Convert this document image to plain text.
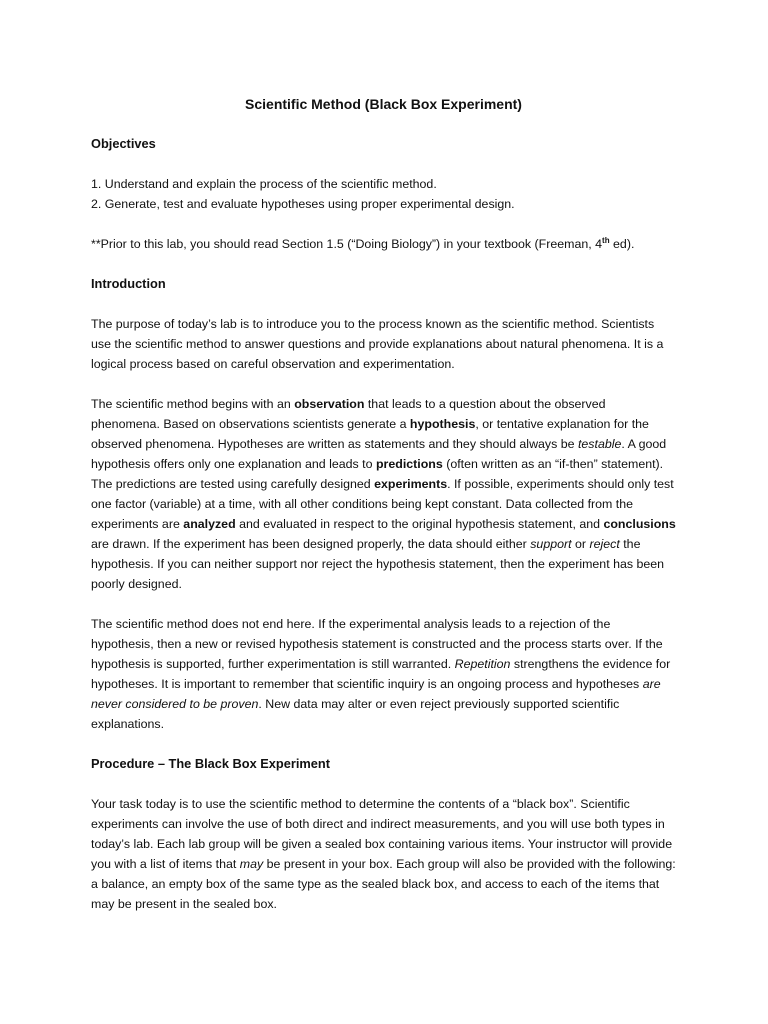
Scientific Method (Black Box Experiment)
Objectives
1. Understand and explain the process of the scientific method.
2. Generate, test and evaluate hypotheses using proper experimental design.

**Prior to this lab, you should read Section 1.5 (“Doing Biology”) in your textbook (Freeman, 4th ed).

Introduction

The purpose of today’s lab is to introduce you to the process known as the scientific method. Scientists use the scientific method to answer questions and provide explanations about natural phenomena. It is a logical process based on careful observation and experimentation.

The scientific method begins with an observation that leads to a question about the observed phenomena. Based on observations scientists generate a hypothesis, or tentative explanation for the observed phenomena. Hypotheses are written as statements and they should always be testable. A good hypothesis offers only one explanation and leads to predictions (often written as an “if-then” statement). The predictions are tested using carefully designed experiments. If possible, experiments should only test one factor (variable) at a time, with all other conditions being kept constant. Data collected from the experiments are analyzed and evaluated in respect to the original hypothesis statement, and conclusions are drawn. If the experiment has been designed properly, the data should either support or reject the hypothesis. If you can neither support nor reject the hypothesis statement, then the experiment has been poorly designed.

The scientific method does not end here. If the experimental analysis leads to a rejection of the hypothesis, then a new or revised hypothesis statement is constructed and the process starts over. If the hypothesis is supported, further experimentation is still warranted. Repetition strengthens the evidence for hypotheses. It is important to remember that scientific inquiry is an ongoing process and hypotheses are never considered to be proven. New data may alter or even reject previously supported scientific explanations.

Procedure – The Black Box Experiment

Your task today is to use the scientific method to determine the contents of a “black box”. Scientific experiments can involve the use of both direct and indirect measurements, and you will use both types in today’s lab. Each lab group will be given a sealed box containing various items. Your instructor will provide you with a list of items that may be present in your box. Each group will also be provided with the following: a balance, an empty box of the same type as the sealed black box, and access to each of the items that may be present in the sealed box.
